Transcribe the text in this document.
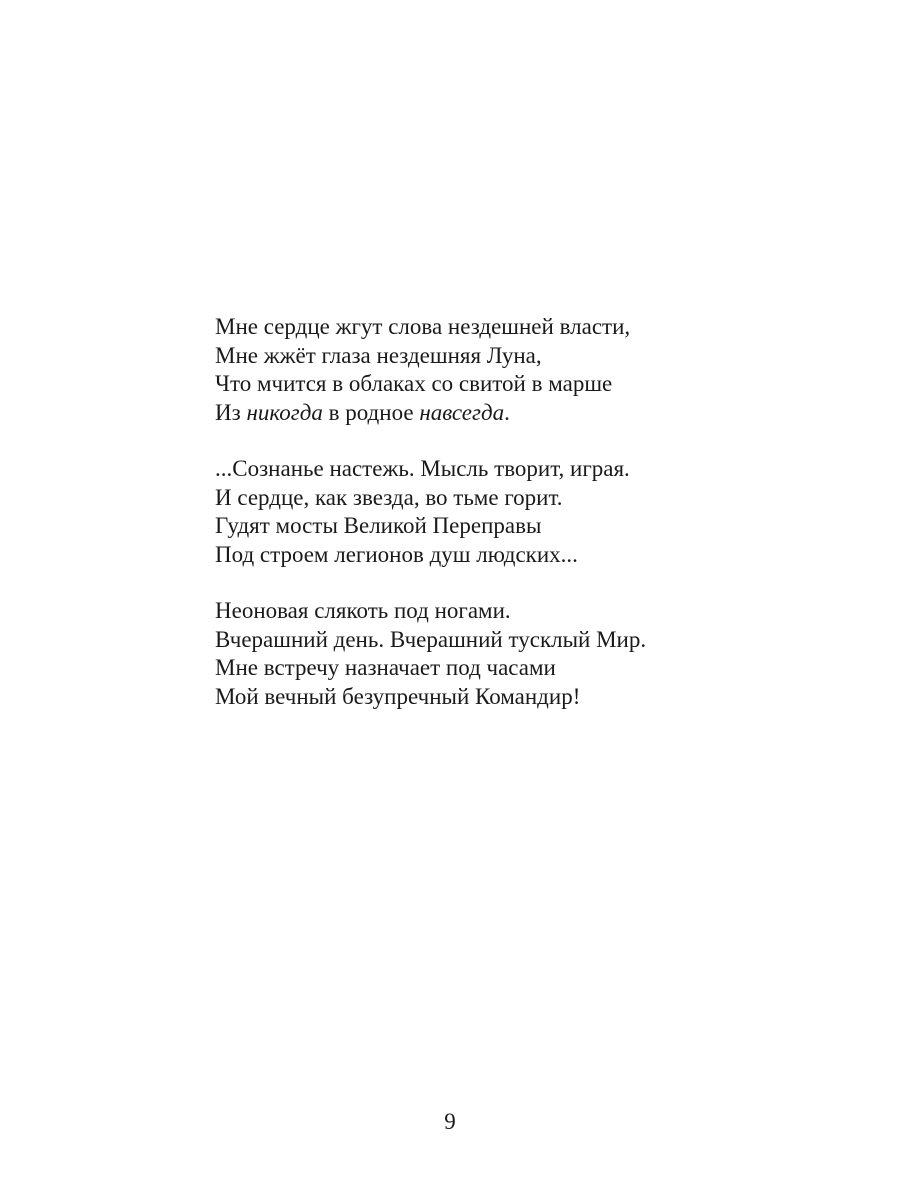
Мне сердце жгут слова нездешней власти,
Мне жжёт глаза нездешняя Луна,
Что мчится в облаках со свитой в марше
Из никогда в родное навсегда.
...Сознанье настежь. Мысль творит, играя.
И сердце, как звезда, во тьме горит.
Гудят мосты Великой Переправы
Под строем легионов душ людских...
Неоновая слякоть под ногами.
Вчерашний день. Вчерашний тусклый Мир.
Мне встречу назначает под часами
Мой вечный безупречный Командир!
9
